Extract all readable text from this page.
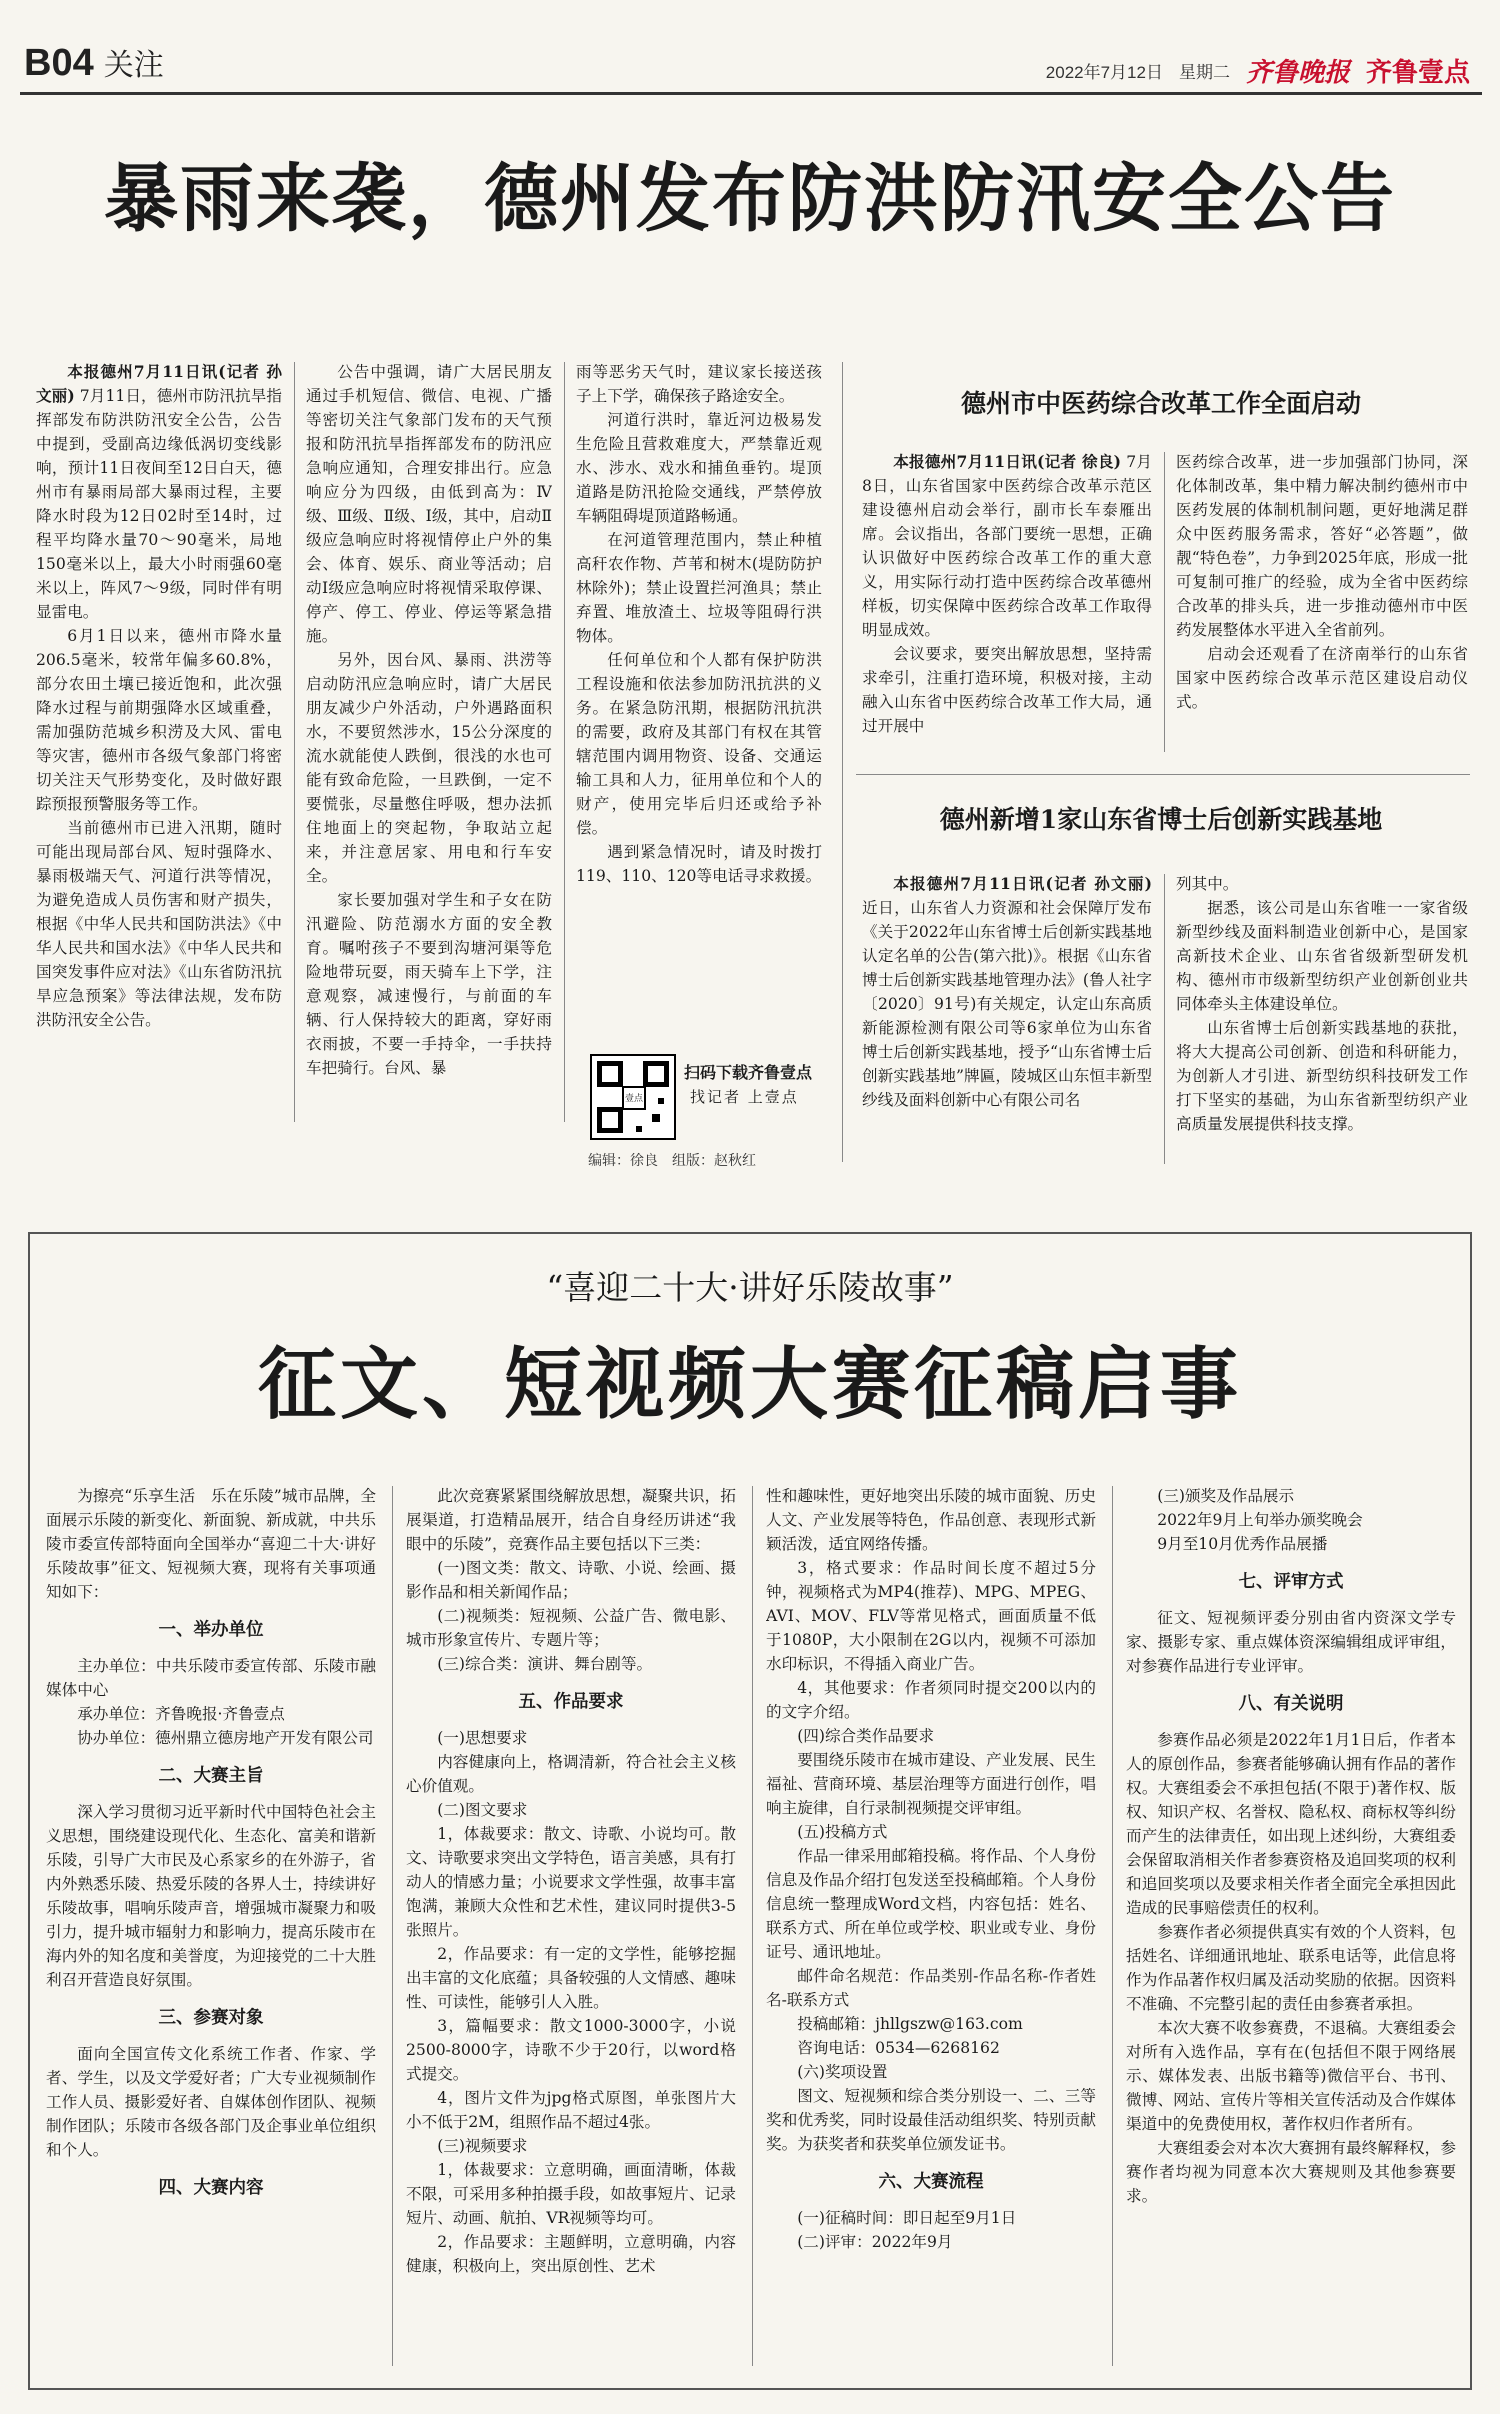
B04 关注	2022年7月12日 星期二 齐鲁晚报 齐鲁壹点
暴雨来袭，德州发布防洪防汛安全公告

本报德州7月11日讯(记者 孙文丽) 7月11日，德州市防汛抗旱指挥部发布防洪防汛安全公告，公告中提到，受副高边缘低涡切变线影响，预计11日夜间至12日白天，德州市有暴雨局部大暴雨过程，主要降水时段为12日02时至14时，过程平均降水量70～90毫米，局地150毫米以上，最大小时雨强60毫米以上，阵风7～9级，同时伴有明显雷电。

6月1日以来，德州市降水量206.5毫米，较常年偏多60.8%，部分农田土壤已接近饱和，此次强降水过程与前期强降水区域重叠，需加强防范城乡积涝及大风、雷电等灾害，德州市各级气象部门将密切关注天气形势变化，及时做好跟踪预报预警服务等工作。

当前德州市已进入汛期，随时可能出现局部台风、短时强降水、暴雨极端天气、河道行洪等情况，为避免造成人员伤害和财产损失，根据《中华人民共和国防洪法》《中华人民共和国水法》《中华人民共和国突发事件应对法》《山东省防汛抗旱应急预案》等法律法规，发布防洪防汛安全公告。

公告中强调，请广大居民朋友通过手机短信、微信、电视、广播等密切关注气象部门发布的天气预报和防汛抗旱指挥部发布的防汛应急响应通知，合理安排出行。应急响应分为四级，由低到高为：Ⅳ级、Ⅲ级、Ⅱ级、Ⅰ级，其中，启动Ⅱ级应急响应时将视情停止户外的集会、体育、娱乐、商业等活动；启动Ⅰ级应急响应时将视情采取停课、停产、停工、停业、停运等紧急措施。

另外，因台风、暴雨、洪涝等启动防汛应急响应时，请广大居民朋友减少户外活动，户外遇路面积水，不要贸然涉水，15公分深度的流水就能使人跌倒，很浅的水也可能有致命危险，一旦跌倒，一定不要慌张，尽量憋住呼吸，想办法抓住地面上的突起物，争取站立起来，并注意居家、用电和行车安全。

家长要加强对学生和子女在防汛避险、防范溺水方面的安全教育。嘱咐孩子不要到沟塘河渠等危险地带玩耍，雨天骑车上下学，注意观察，减速慢行，与前面的车辆、行人保持较大的距离，穿好雨衣雨披，不要一手持伞，一手扶持车把骑行。台风、暴

雨等恶劣天气时，建议家长接送孩子上下学，确保孩子路途安全。

河道行洪时，靠近河边极易发生危险且营救难度大，严禁靠近观水、涉水、戏水和捕鱼垂钓。堤顶道路是防汛抢险交通线，严禁停放车辆阻碍堤顶道路畅通。

在河道管理范围内，禁止种植高秆农作物、芦苇和树木(堤防防护林除外)；禁止设置拦河渔具；禁止弃置、堆放渣土、垃圾等阻碍行洪物体。

任何单位和个人都有保护防洪工程设施和依法参加防汛抗洪的义务。在紧急防汛期，根据防汛抗洪的需要，政府及其部门有权在其管辖范围内调用物资、设备、交通运输工具和人力，征用单位和个人的财产，使用完毕后归还或给予补偿。

遇到紧急情况时，请及时拨打119、110、120等电话寻求救援。

壹点
扫码下载齐鲁壹点
找记者 上壹点
编辑：徐良　组版：赵秋红
德州市中医药综合改革工作全面启动

本报德州7月11日讯(记者 徐良) 7月8日，山东省国家中医药综合改革示范区建设德州启动会举行，副市长车泰雁出席。会议指出，各部门要统一思想，正确认识做好中医药综合改革工作的重大意义，用实际行动打造中医药综合改革德州样板，切实保障中医药综合改革工作取得明显成效。

会议要求，要突出解放思想，坚持需求牵引，注重打造环境，积极对接，主动融入山东省中医药综合改革工作大局，通过开展中

医药综合改革，进一步加强部门协同，深化体制改革，集中精力解决制约德州市中医药发展的体制机制问题，更好地满足群众中医药服务需求，答好“必答题”，做靓“特色卷”，力争到2025年底，形成一批可复制可推广的经验，成为全省中医药综合改革的排头兵，进一步推动德州市中医药发展整体水平进入全省前列。

启动会还观看了在济南举行的山东省国家中医药综合改革示范区建设启动仪式。

德州新增1家山东省博士后创新实践基地

本报德州7月11日讯(记者 孙文丽) 近日，山东省人力资源和社会保障厅发布《关于2022年山东省博士后创新实践基地认定名单的公告(第六批)》。根据《山东省博士后创新实践基地管理办法》(鲁人社字〔2020〕91号)有关规定，认定山东高质新能源检测有限公司等6家单位为山东省博士后创新实践基地，授予“山东省博士后创新实践基地”牌匾，陵城区山东恒丰新型纱线及面料创新中心有限公司名

列其中。

据悉，该公司是山东省唯一一家省级新型纱线及面料制造业创新中心，是国家高新技术企业、山东省省级新型研发机构、德州市市级新型纺织产业创新创业共同体牵头主体建设单位。

山东省博士后创新实践基地的获批，将大大提高公司创新、创造和科研能力，为创新人才引进、新型纺织科技研发工作打下坚实的基础，为山东省新型纺织产业高质量发展提供科技支撑。

“喜迎二十大·讲好乐陵故事”
征文、短视频大赛征稿启事

为擦亮“乐享生活　乐在乐陵”城市品牌，全面展示乐陵的新变化、新面貌、新成就，中共乐陵市委宣传部特面向全国举办“喜迎二十大·讲好乐陵故事”征文、短视频大赛，现将有关事项通知如下：

一、举办单位

主办单位：中共乐陵市委宣传部、乐陵市融媒体中心

承办单位：齐鲁晚报·齐鲁壹点

协办单位：德州鼎立德房地产开发有限公司

二、大赛主旨

深入学习贯彻习近平新时代中国特色社会主义思想，围绕建设现代化、生态化、富美和谐新乐陵，引导广大市民及心系家乡的在外游子，省内外熟悉乐陵、热爱乐陵的各界人士，持续讲好乐陵故事，唱响乐陵声音，增强城市凝聚力和吸引力，提升城市辐射力和影响力，提高乐陵市在海内外的知名度和美誉度，为迎接党的二十大胜利召开营造良好氛围。

三、参赛对象

面向全国宣传文化系统工作者、作家、学者、学生，以及文学爱好者；广大专业视频制作工作人员、摄影爱好者、自媒体创作团队、视频制作团队；乐陵市各级各部门及企事业单位组织和个人。

四、大赛内容

此次竞赛紧紧围绕解放思想，凝聚共识，拓展渠道，打造精品展开，结合自身经历讲述“我眼中的乐陵”，竞赛作品主要包括以下三类：

(一)图文类：散文、诗歌、小说、绘画、摄影作品和相关新闻作品；

(二)视频类：短视频、公益广告、微电影、城市形象宣传片、专题片等；

(三)综合类：演讲、舞台剧等。

五、作品要求

(一)思想要求

内容健康向上，格调清新，符合社会主义核心价值观。

(二)图文要求

1，体裁要求：散文、诗歌、小说均可。散文、诗歌要求突出文学特色，语言美感，具有打动人的情感力量；小说要求文学性强，故事丰富饱满，兼顾大众性和艺术性，建议同时提供3-5张照片。

2，作品要求：有一定的文学性，能够挖掘出丰富的文化底蕴；具备较强的人文情感、趣味性、可读性，能够引人入胜。

3，篇幅要求：散文1000-3000字，小说2500-8000字，诗歌不少于20行，以word格式提交。

4，图片文件为jpg格式原图，单张图片大小不低于2M，组照作品不超过4张。

(三)视频要求

1，体裁要求：立意明确，画面清晰，体裁不限，可采用多种拍摄手段，如故事短片、记录短片、动画、航拍、VR视频等均可。

2，作品要求：主题鲜明，立意明确，内容健康，积极向上，突出原创性、艺术

性和趣味性，更好地突出乐陵的城市面貌、历史人文、产业发展等特色，作品创意、表现形式新颖活泼，适宜网络传播。

3，格式要求：作品时间长度不超过5分钟，视频格式为MP4(推荐)、MPG、MPEG、AVI、MOV、FLV等常见格式，画面质量不低于1080P，大小限制在2G以内，视频不可添加水印标识，不得插入商业广告。

4，其他要求：作者须同时提交200以内的的文字介绍。

(四)综合类作品要求

要围绕乐陵市在城市建设、产业发展、民生福祉、营商环境、基层治理等方面进行创作，唱响主旋律，自行录制视频提交评审组。

(五)投稿方式

作品一律采用邮箱投稿。将作品、个人身份信息及作品介绍打包发送至投稿邮箱。个人身份信息统一整理成Word文档，内容包括：姓名、联系方式、所在单位或学校、职业或专业、身份证号、通讯地址。

邮件命名规范：作品类别-作品名称-作者姓名-联系方式

投稿邮箱：jhllgszw@163.com

咨询电话：0534—6268162

(六)奖项设置

图文、短视频和综合类分别设一、二、三等奖和优秀奖，同时设最佳活动组织奖、特别贡献奖。为获奖者和获奖单位颁发证书。

六、大赛流程

(一)征稿时间：即日起至9月1日

(二)评审：2022年9月

(三)颁奖及作品展示

2022年9月上旬举办颁奖晚会

9月至10月优秀作品展播

七、评审方式

征文、短视频评委分别由省内资深文学专家、摄影专家、重点媒体资深编辑组成评审组，对参赛作品进行专业评审。

八、有关说明

参赛作品必须是2022年1月1日后，作者本人的原创作品，参赛者能够确认拥有作品的著作权。大赛组委会不承担包括(不限于)著作权、版权、知识产权、名誉权、隐私权、商标权等纠纷而产生的法律责任，如出现上述纠纷，大赛组委会保留取消相关作者参赛资格及追回奖项的权利和追回奖项以及要求相关作者全面完全承担因此造成的民事赔偿责任的权利。

参赛作者必须提供真实有效的个人资料，包括姓名、详细通讯地址、联系电话等，此信息将作为作品著作权归属及活动奖励的依据。因资料不准确、不完整引起的责任由参赛者承担。

本次大赛不收参赛费，不退稿。大赛组委会对所有入选作品，享有在(包括但不限于网络展示、媒体发表、出版书籍等)微信平台、书刊、微博、网站、宣传片等相关宣传活动及合作媒体渠道中的免费使用权，著作权归作者所有。

大赛组委会对本次大赛拥有最终解释权，参赛作者均视为同意本次大赛规则及其他参赛要求。
